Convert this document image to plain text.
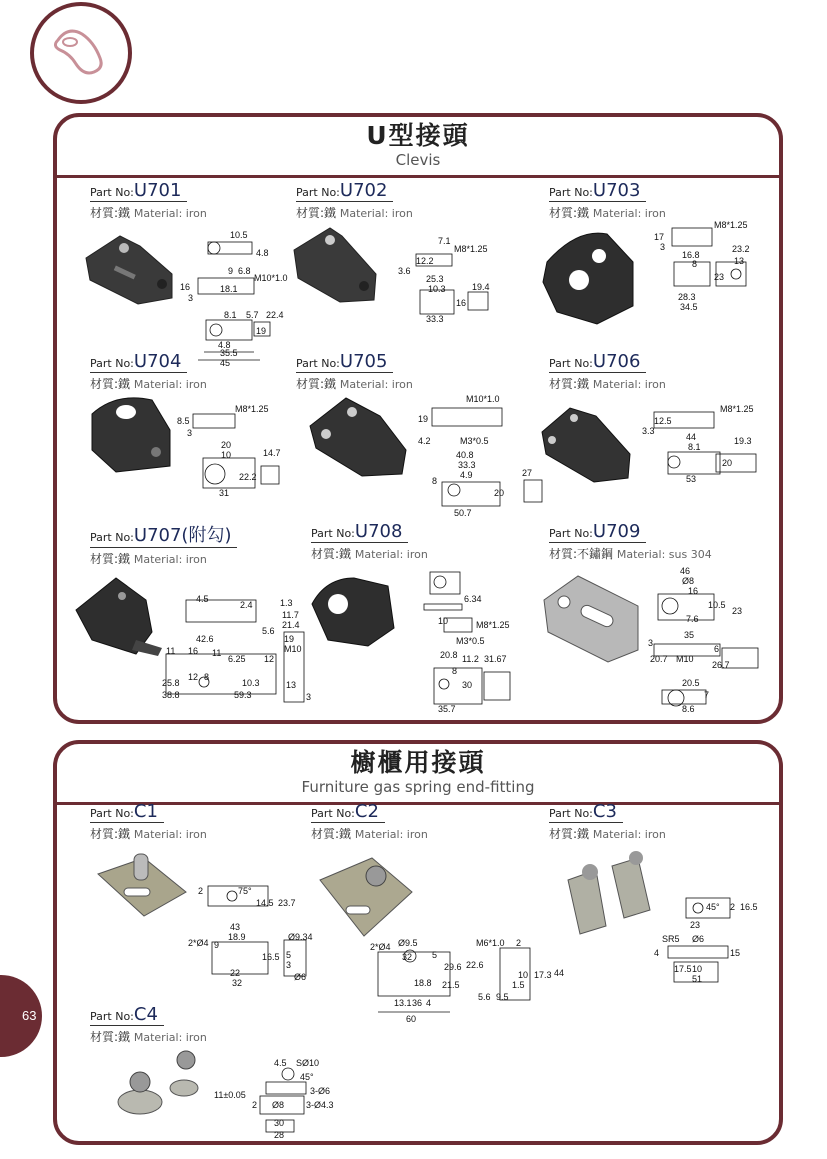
U型接頭
Clevis
Part No:U701
材質:鐵 Material: iron
Part No:U702
材質:鐵 Material: iron
Part No:U703
材質:鐵 Material: iron
Part No:U704
材質:鐵 Material: iron
Part No:U705
材質:鐵 Material: iron
Part No:U706
材質:鐵 Material: iron
Part No:U707(附勾)
材質:鐵 Material: iron
Part No:U708
材質:鐵 Material: iron
Part No:U709
材質:不鏽鋼 Material: sus 304
10.5
4.8
9 6.8
M10*1.0
16	18.1
3
8.1 5.7 22.4
19
4.8
35.5
45
7.1
M8*1.25
12.2
3.6
25.3
10.3	19.4
16
33.3
M8*1.25
17
3
16.8
8
23.2
13
23
28.3
34.5
M8*1.25
8.5
3
20
10	14.7
22.2
31
M10*1.0
19
4.2	M3*0.5
40.8
33.3
4.9	27
8
20
50.7
M8*1.25
12.5
3.3
44
8.1
19.3
20
53
4.5
2.4	1.3
11.7
5.6
21.4
19
M10
42.6
11 16 11
6.25 12
25.8
12 8
10.3
38.8	59.3
13
3
6.34
10	M8*1.25
M3*0.5
20.8 11.2 31.67
8
30
35.7
46
Ø8
16
10.5
23
7.6
35
3
6
20.7 M10
26.7
20.5
7
8.6
櫥櫃用接頭
Furniture gas spring end-fitting
Part No:C1
材質:鐵 Material: iron
Part No:C2
材質:鐵 Material: iron
Part No:C3
材質:鐵 Material: iron
Part No:C4
材質:鐵 Material: iron
2	75°
14.5 23.7
43
18.9	Ø9.34
2*Ø4 9
16.5 5
3
22	Ø6
32
2*Ø4 Ø9.5
32 5
M6*1.0 2
29.6 22.6
10 17.3 44
18.8 21.5	1.5
13.1 36 4
5.6 9.5
60
45° 2 16.5
23
SR5 Ø6
4	15
17.5 10
51
4.5 SØ10
45°
11±0.05	3-Ø6
2 Ø8 3-Ø4.3
30
28
63
